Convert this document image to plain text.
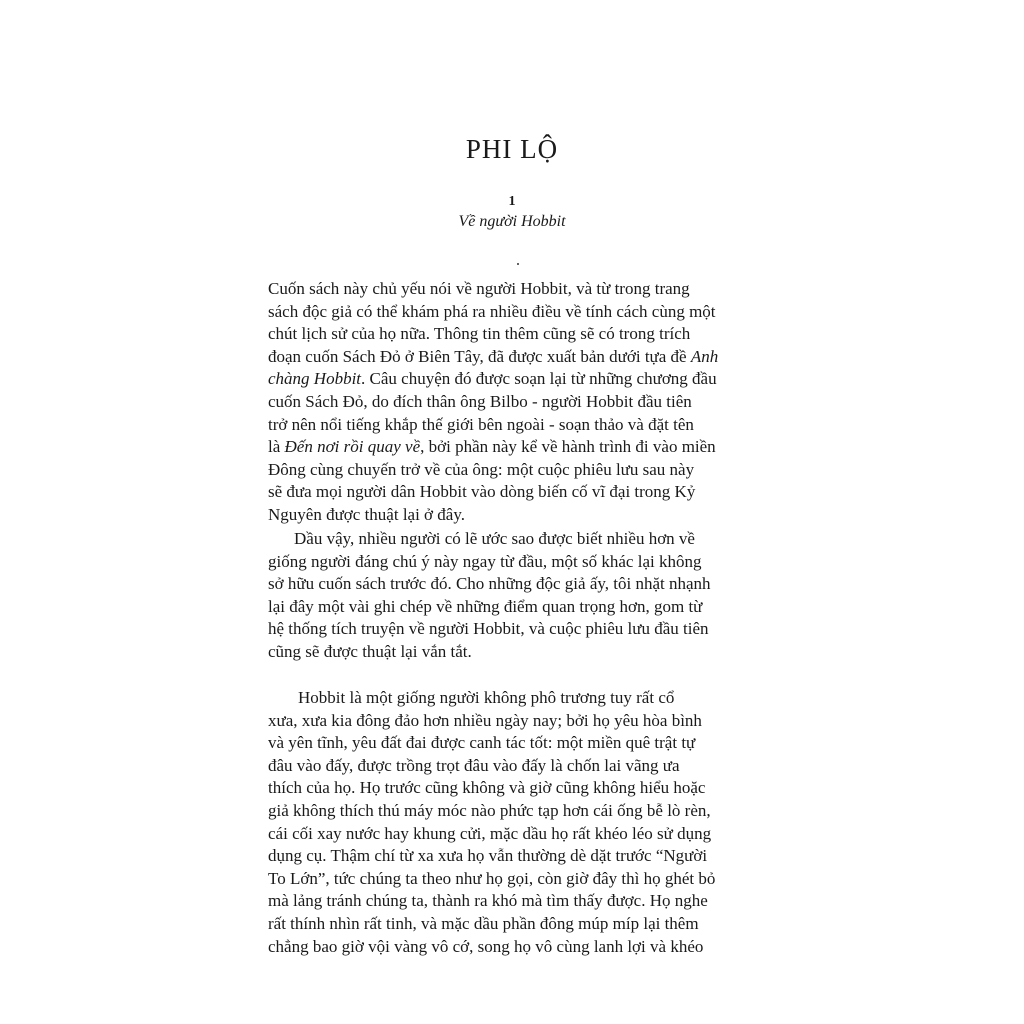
PHI LỘ
1
Về người Hobbit
Cuốn sách này chủ yếu nói về người Hobbit, và từ trong trang
sách độc giả có thể khám phá ra nhiều điều về tính cách cùng một
chút lịch sử của họ nữa. Thông tin thêm cũng sẽ có trong trích
đoạn cuốn Sách Đỏ ở Biên Tây, đã được xuất bản dưới tựa đề Anh
chàng Hobbit. Câu chuyện đó được soạn lại từ những chương đầu
cuốn Sách Đỏ, do đích thân ông Bilbo - người Hobbit đầu tiên
trở nên nổi tiếng khắp thế giới bên ngoài - soạn thảo và đặt tên
là Đến nơi rồi quay về, bởi phần này kể về hành trình đi vào miền
Đông cùng chuyến trở về của ông: một cuộc phiêu lưu sau này
sẽ đưa mọi người dân Hobbit vào dòng biến cố vĩ đại trong Kỷ
Nguyên được thuật lại ở đây.
Dầu vậy, nhiều người có lẽ ước sao được biết nhiều hơn về
giống người đáng chú ý này ngay từ đầu, một số khác lại không
sở hữu cuốn sách trước đó. Cho những độc giả ấy, tôi nhặt nhạnh
lại đây một vài ghi chép về những điểm quan trọng hơn, gom từ
hệ thống tích truyện về người Hobbit, và cuộc phiêu lưu đầu tiên
cũng sẽ được thuật lại vắn tắt.
Hobbit là một giống người không phô trương tuy rất cổ
xưa, xưa kia đông đảo hơn nhiều ngày nay; bởi họ yêu hòa bình
và yên tĩnh, yêu đất đai được canh tác tốt: một miền quê trật tự
đâu vào đấy, được trồng trọt đâu vào đấy là chốn lai vãng ưa
thích của họ. Họ trước cũng không và giờ cũng không hiểu hoặc
giả không thích thú máy móc nào phức tạp hơn cái ống bễ lò rèn,
cái cối xay nước hay khung cửi, mặc dầu họ rất khéo léo sử dụng
dụng cụ. Thậm chí từ xa xưa họ vẫn thường dè dặt trước “Người
To Lớn”, tức chúng ta theo như họ gọi, còn giờ đây thì họ ghét bỏ
mà lảng tránh chúng ta, thành ra khó mà tìm thấy được. Họ nghe
rất thính nhìn rất tinh, và mặc dầu phần đông múp míp lại thêm
chẳng bao giờ vội vàng vô cớ, song họ vô cùng lanh lợi và khéo
